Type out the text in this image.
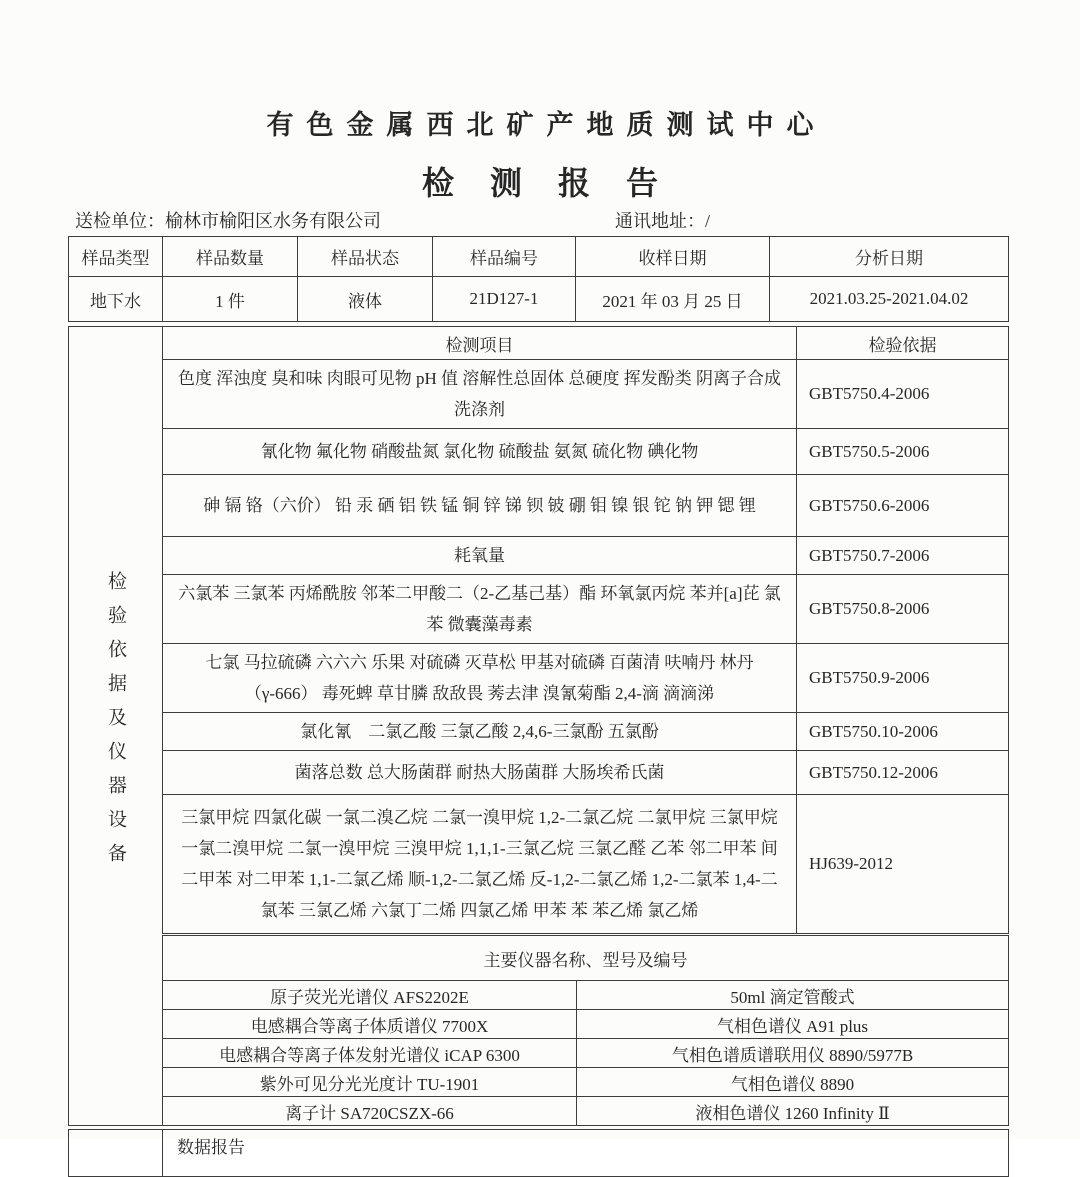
有色金属西北矿产地质测试中心
检测报告
送检单位：榆林市榆阳区水务有限公司	通讯地址：/
样品类型	样品数量	样品状态	样品编号	收样日期	分析日期
地下水	1 件	液体	21D127-1	2021 年 03 月 25 日	2021.03.25-2021.04.02
检验依据及仪器设备	检测项目		检验依据
	色度 浑浊度 臭和味 肉眼可见物 pH 值 溶解性总固体 总硬度 挥发酚类 阴离子合成洗涤剂		GBT5750.4-2006
	氰化物 氟化物 硝酸盐氮 氯化物 硫酸盐 氨氮 硫化物 碘化物		GBT5750.5-2006
	砷 镉 铬（六价） 铅 汞 硒 铝 铁 锰 铜 锌 锑 钡 铍 硼 钼 镍 银 铊 钠 钾 锶 锂		GBT5750.6-2006
	耗氧量		GBT5750.7-2006
	六氯苯 三氯苯 丙烯酰胺 邻苯二甲酸二（2-乙基己基）酯 环氧氯丙烷 苯并[a]芘 氯苯 微囊藻毒素		GBT5750.8-2006
	七氯 马拉硫磷 六六六 乐果 对硫磷 灭草松 甲基对硫磷 百菌清 呋喃丹 林丹（γ-666） 毒死蜱 草甘膦 敌敌畏 莠去津 溴氰菊酯 2,4-滴 滴滴涕		GBT5750.9-2006
	氯化氰　二氯乙酸 三氯乙酸 2,4,6-三氯酚 五氯酚		GBT5750.10-2006
	菌落总数 总大肠菌群 耐热大肠菌群 大肠埃希氏菌		GBT5750.12-2006
	三氯甲烷 四氯化碳 一氯二溴乙烷 二氯一溴甲烷 1,2-二氯乙烷 二氯甲烷 三氯甲烷 一氯二溴甲烷 二氯一溴甲烷 三溴甲烷 1,1,1-三氯乙烷 三氯乙醛 乙苯 邻二甲苯 间二甲苯 对二甲苯 1,1-二氯乙烯 顺-1,2-二氯乙烯 反-1,2-二氯乙烯 1,2-二氯苯 1,4-二氯苯 三氯乙烯 六氯丁二烯 四氯乙烯 甲苯 苯 苯乙烯 氯乙烯		HJ639-2012
	主要仪器名称、型号及编号		
	原子荧光光谱仪 AFS2202E	50ml 滴定管酸式	
	电感耦合等离子体质谱仪 7700X	气相色谱仪 A91 plus	
	电感耦合等离子体发射光谱仪 iCAP 6300	气相色谱质谱联用仪 8890/5977B	
	紫外可见分光光度计 TU-1901	气相色谱仪 8890	
	离子计 SA720CSZX-66	液相色谱仪 1260 Infinity Ⅱ	
	数据报告
